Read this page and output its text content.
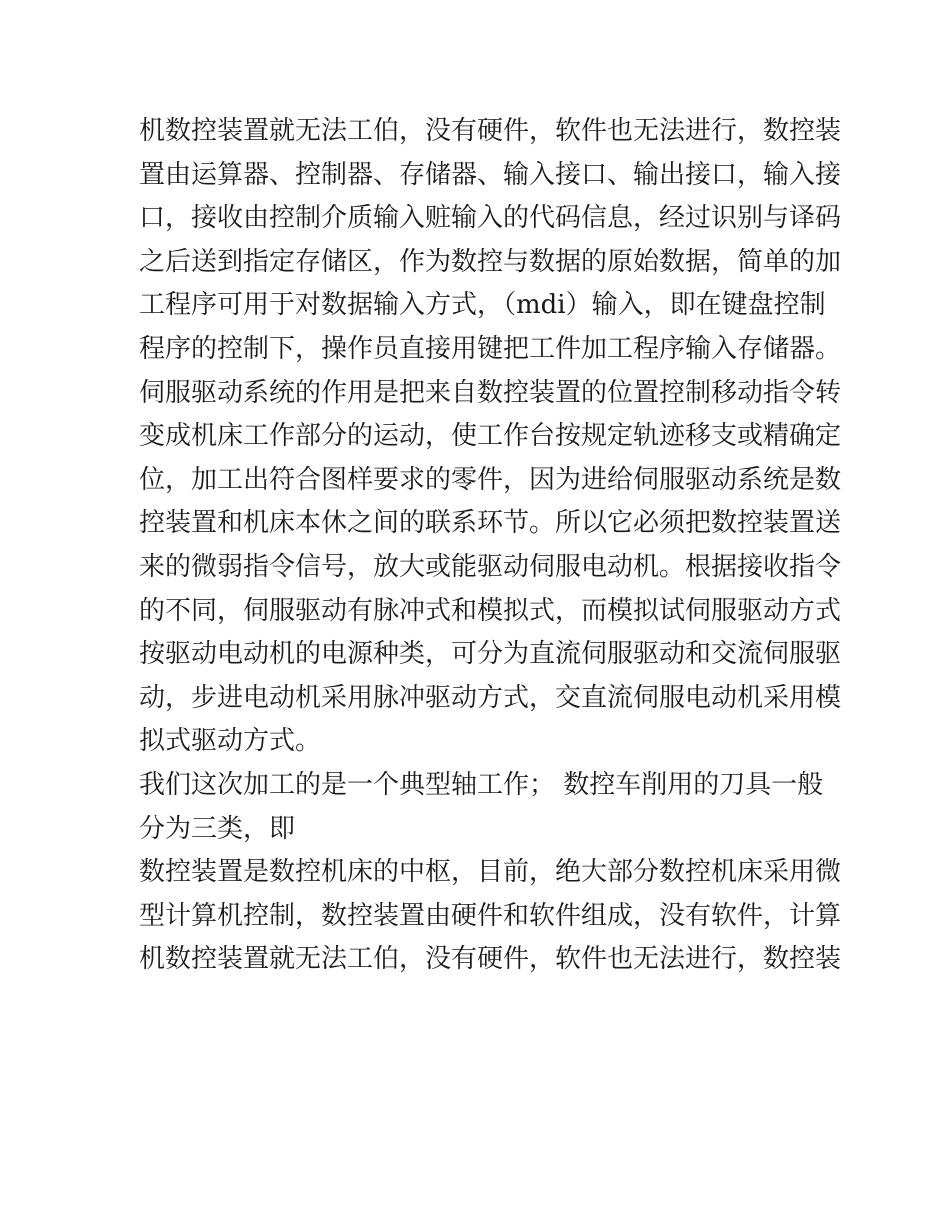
机数控装置就无法工伯，没有硬件，软件也无法进行，数控装
置由运算器、控制器、存储器、输入接口、输出接口，输入接
口，接收由控制介质输入赃输入的代码信息，经过识别与译码
之后送到指定存储区，作为数控与数据的原始数据，简单的加
工程序可用于对数据输入方式，（mdi）输入，即在键盘控制
程序的控制下，操作员直接用键把工件加工程序输入存储器。
伺服驱动系统的作用是把来自数控装置的位置控制移动指令转
变成机床工作部分的运动，使工作台按规定轨迹移支或精确定
位，加工出符合图样要求的零件，因为进给伺服驱动系统是数
控装置和机床本休之间的联系环节。所以它必须把数控装置送
来的微弱指令信号，放大或能驱动伺服电动机。根据接收指令
的不同，伺服驱动有脉冲式和模拟式，而模拟试伺服驱动方式
按驱动电动机的电源种类，可分为直流伺服驱动和交流伺服驱
动，步进电动机采用脉冲驱动方式，交直流伺服电动机采用模
拟式驱动方式。
我们这次加工的是一个典型轴工作； 数控车削用的刀具一般
分为三类，即
数控装置是数控机床的中枢，目前，绝大部分数控机床采用微
型计算机控制，数控装置由硬件和软件组成，没有软件，计算
机数控装置就无法工伯，没有硬件，软件也无法进行，数控装
